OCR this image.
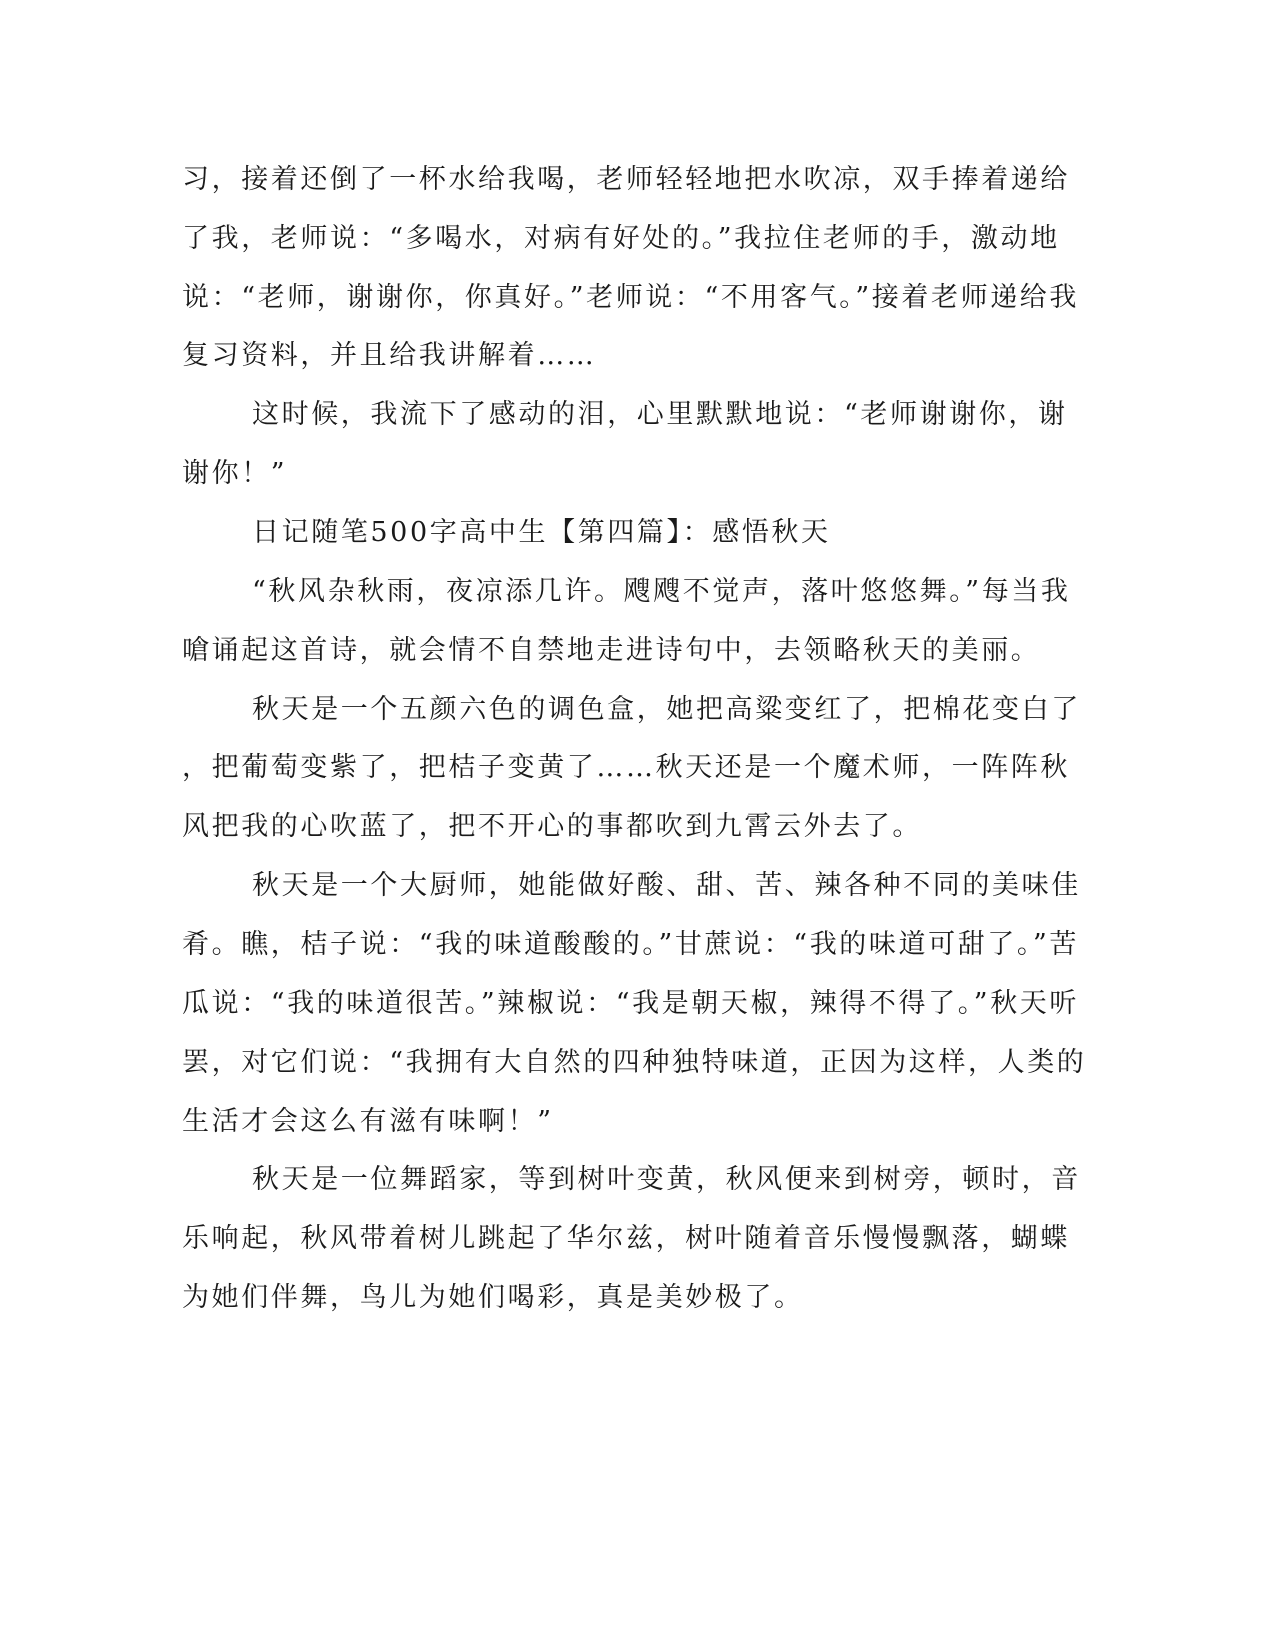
习，接着还倒了一杯水给我喝，老师轻轻地把水吹凉，双手捧着递给
了我，老师说：“多喝水，对病有好处的。”我拉住老师的手，激动地
说：“老师，谢谢你，你真好。”老师说：“不用客气。”接着老师递给我
复习资料，并且给我讲解着……
这时候，我流下了感动的泪，心里默默地说：“老师谢谢你，谢
谢你！”
日记随笔500字高中生【第四篇】：感悟秋天
“秋风杂秋雨，夜凉添几许。飕飕不觉声，落叶悠悠舞。”每当我
嗆诵起这首诗，就会情不自禁地走进诗句中，去领略秋天的美丽。
秋天是一个五颜六色的调色盒，她把高粱变红了，把棉花变白了
，把葡萄变紫了，把桔子变黄了……秋天还是一个魔术师，一阵阵秋
风把我的心吹蓝了，把不开心的事都吹到九霄云外去了。
秋天是一个大厨师，她能做好酸、甜、苦、辣各种不同的美味佳
肴。瞧，桔子说：“我的味道酸酸的。”甘蔗说：“我的味道可甜了。”苦
瓜说：“我的味道很苦。”辣椒说：“我是朝天椒，辣得不得了。”秋天听
罢，对它们说：“我拥有大自然的四种独特味道，正因为这样，人类的
生活才会这么有滋有味啊！”
秋天是一位舞蹈家，等到树叶变黄，秋风便来到树旁，顿时，音
乐响起，秋风带着树儿跳起了华尔兹，树叶随着音乐慢慢飘落，蝴蝶
为她们伴舞，鸟儿为她们喝彩，真是美妙极了。
